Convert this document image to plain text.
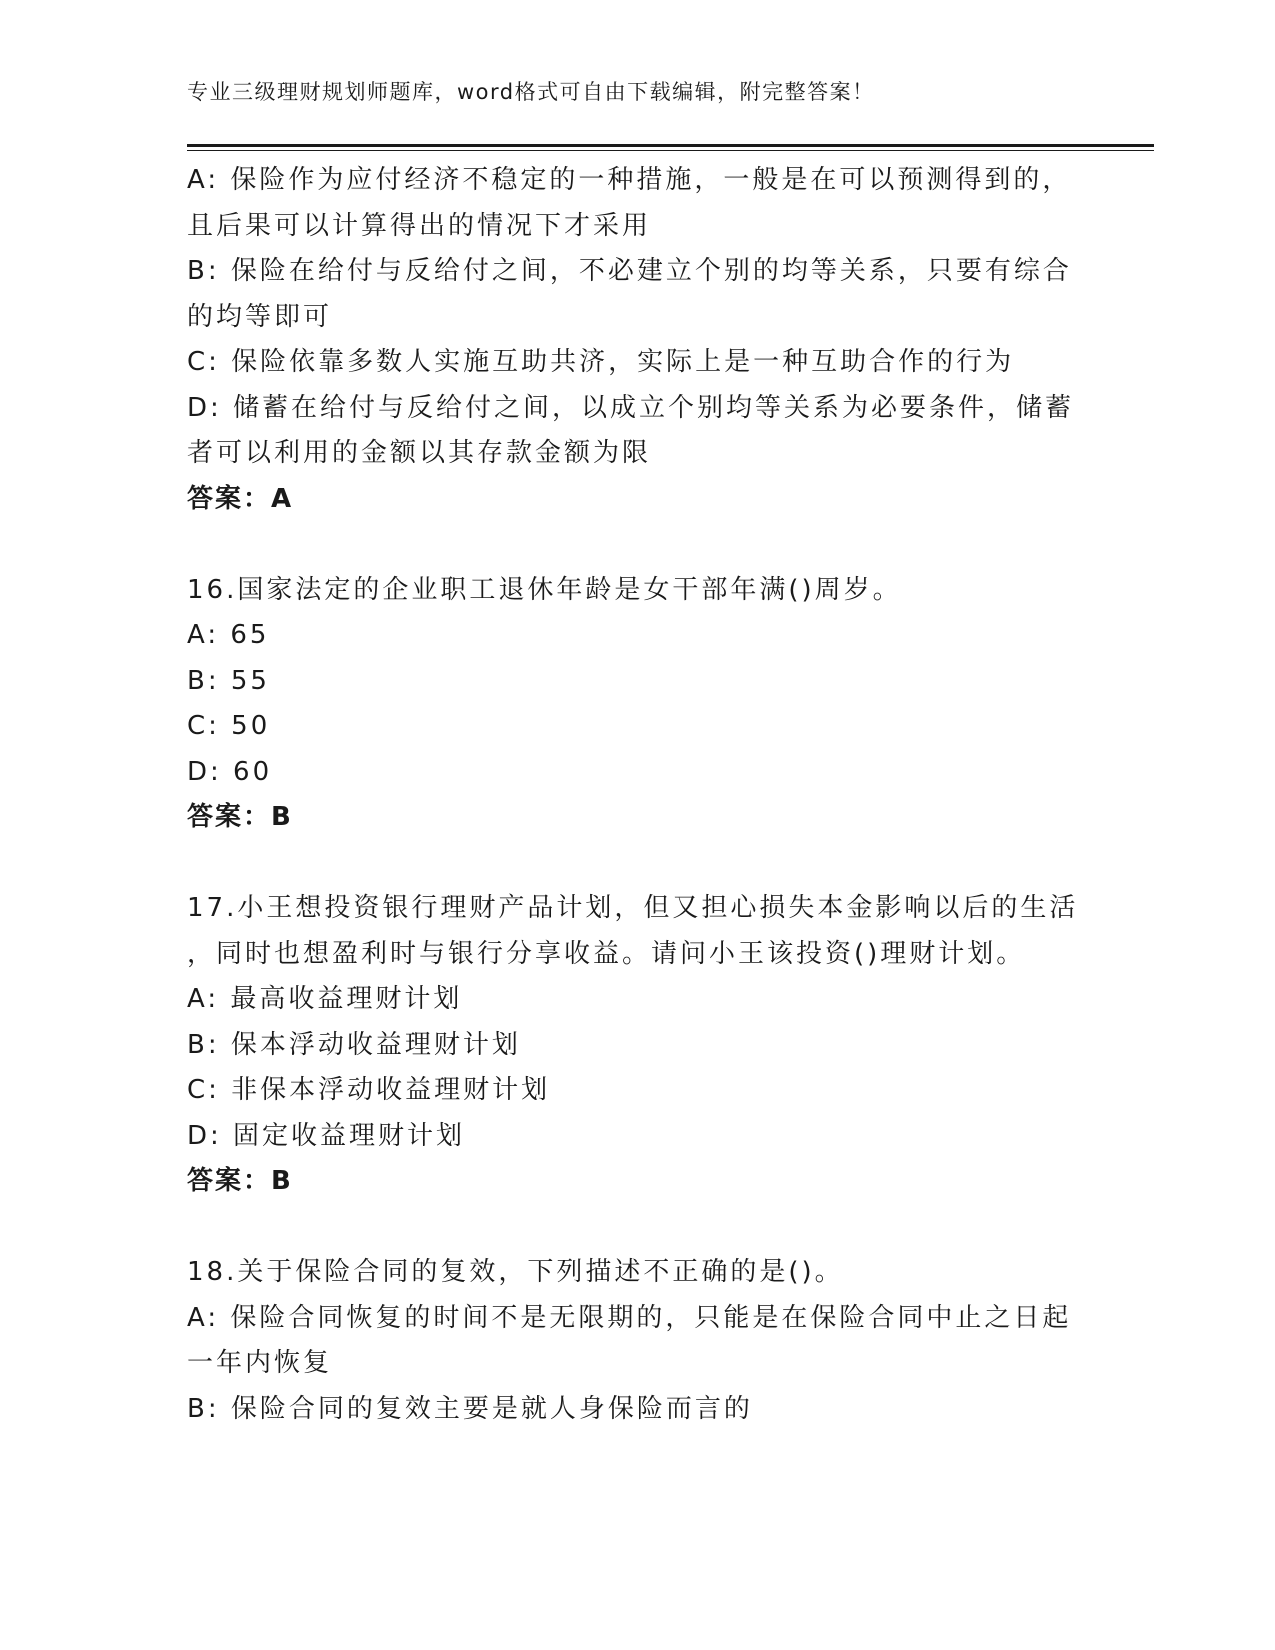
专业三级理财规划师题库，word格式可自由下载编辑，附完整答案！
A: 保险作为应付经济不稳定的一种措施，一般是在可以预测得到的，
且后果可以计算得出的情况下才采用
B: 保险在给付与反给付之间，不必建立个别的均等关系，只要有综合
的均等即可
C: 保险依靠多数人实施互助共济，实际上是一种互助合作的行为
D: 储蓄在给付与反给付之间，以成立个别均等关系为必要条件，储蓄
者可以利用的金额以其存款金额为限
答案：A
16.国家法定的企业职工退休年龄是女干部年满()周岁。
A: 65
B: 55
C: 50
D: 60
答案：B
17.小王想投资银行理财产品计划，但又担心损失本金影响以后的生活
，同时也想盈利时与银行分享收益。请问小王该投资()理财计划。
A: 最高收益理财计划
B: 保本浮动收益理财计划
C: 非保本浮动收益理财计划
D: 固定收益理财计划
答案：B
18.关于保险合同的复效，下列描述不正确的是()。
A: 保险合同恢复的时间不是无限期的，只能是在保险合同中止之日起
一年内恢复
B: 保险合同的复效主要是就人身保险而言的
